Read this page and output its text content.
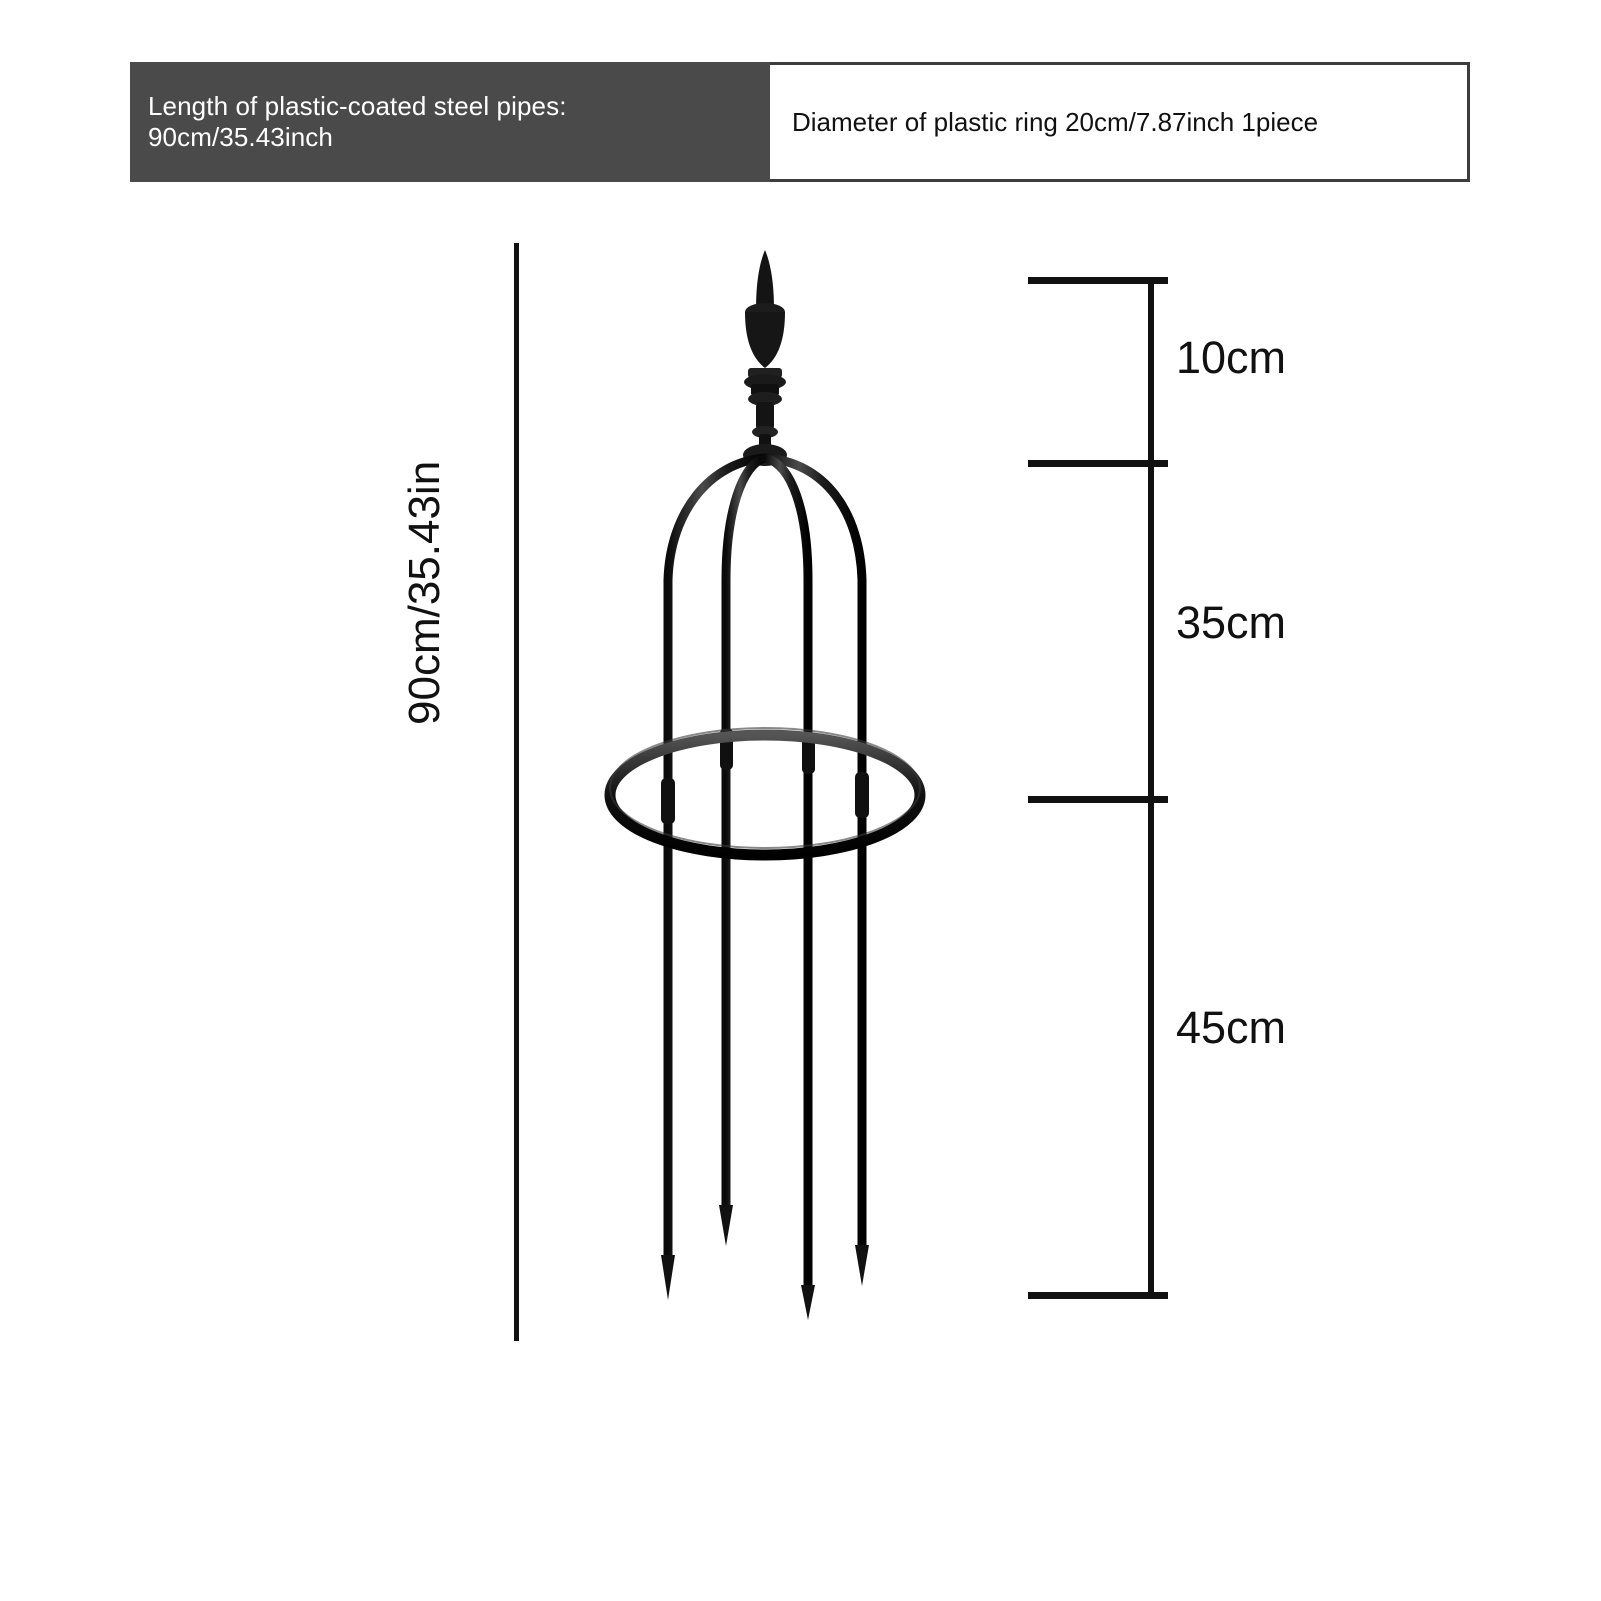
Length of plastic-coated steel pipes: 90cm/35.43inch
Diameter of plastic ring 20cm/7.87inch 1piece
90cm/35.43in
10cm
35cm
45cm
